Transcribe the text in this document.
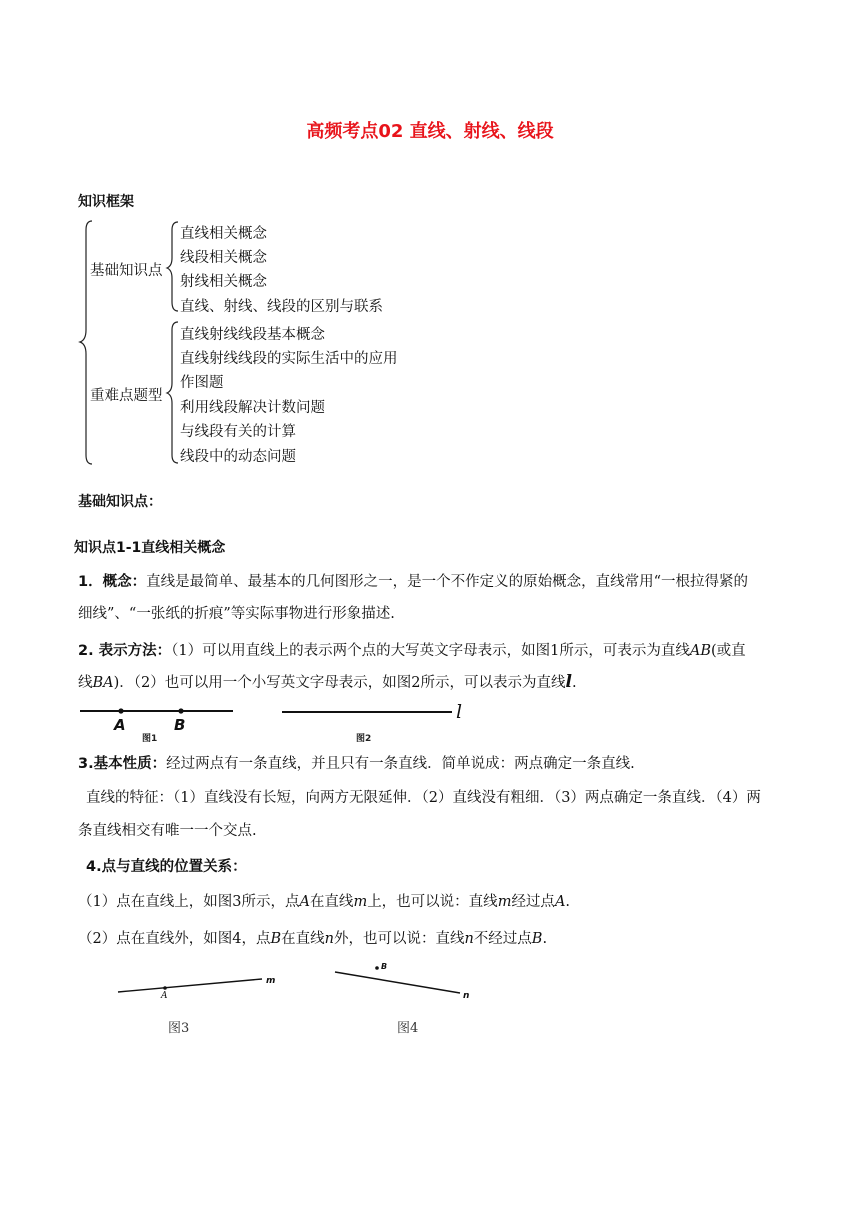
高频考点02 直线、射线、线段
知识框架
基础知识点
直线相关概念
线段相关概念
射线相关概念
直线、射线、线段的区别与联系
重难点题型
直线射线线段基本概念
直线射线线段的实际生活中的应用
作图题
利用线段解决计数问题
与线段有关的计算
线段中的动态问题
基础知识点：
知识点1-1直线相关概念
1．概念：直线是最简单、最基本的几何图形之一，是一个不作定义的原始概念，直线常用“一根拉得紧的
细线”、“一张纸的折痕”等实际事物进行形象描述.
2. 表示方法：（1）可以用直线上的表示两个点的大写英文字母表示，如图1所示，可表示为直线AB(或直
线BA)．（2）也可以用一个小写英文字母表示，如图2所示，可以表示为直线l.
A	B
图1
l
图2
3.基本性质：经过两点有一条直线，并且只有一条直线．简单说成：两点确定一条直线.
直线的特征：（1）直线没有长短，向两方无限延伸．（2）直线没有粗细．（3）两点确定一条直线．（4）两
条直线相交有唯一一个交点.
4.点与直线的位置关系：
（1）点在直线上，如图3所示，点A在直线m上，也可以说：直线m经过点A.
（2）点在直线外，如图4，点B在直线n外，也可以说：直线n不经过点B.
A
m
图3
B
n
图4
